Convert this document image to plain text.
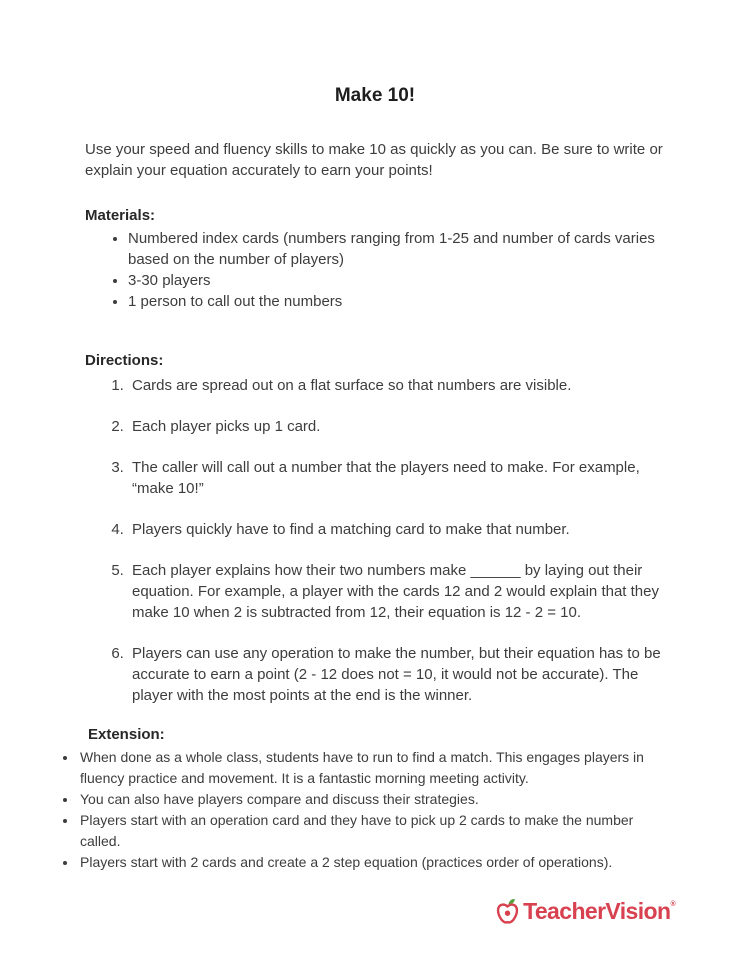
Make 10!

Use your speed and fluency skills to make 10 as quickly as you can. Be sure to write or explain your equation accurately to earn your points!

Materials:
• Numbered index cards (numbers ranging from 1-25 and number of cards varies based on the number of players)
• 3-30 players
• 1 person to call out the numbers
Directions:
1. Cards are spread out on a flat surface so that numbers are visible.
2. Each player picks up 1 card.
3. The caller will call out a number that the players need to make. For example, “make 10!”
4. Players quickly have to find a matching card to make that number.
5. Each player explains how their two numbers make ______ by laying out their equation. For example, a player with the cards 12 and 2 would explain that they make 10 when 2 is subtracted from 12, their equation is 12 - 2 = 10.
6. Players can use any operation to make the number, but their equation has to be accurate to earn a point (2 - 12 does not = 10, it would not be accurate). The player with the most points at the end is the winner.
Extension:
• When done as a whole class, students have to run to find a match. This engages players in fluency practice and movement. It is a fantastic morning meeting activity.
• You can also have players compare and discuss their strategies.
• Players start with an operation card and they have to pick up 2 cards to make the number called.
• Players start with 2 cards and create a 2 step equation (practices order of operations).
TeacherVision®
